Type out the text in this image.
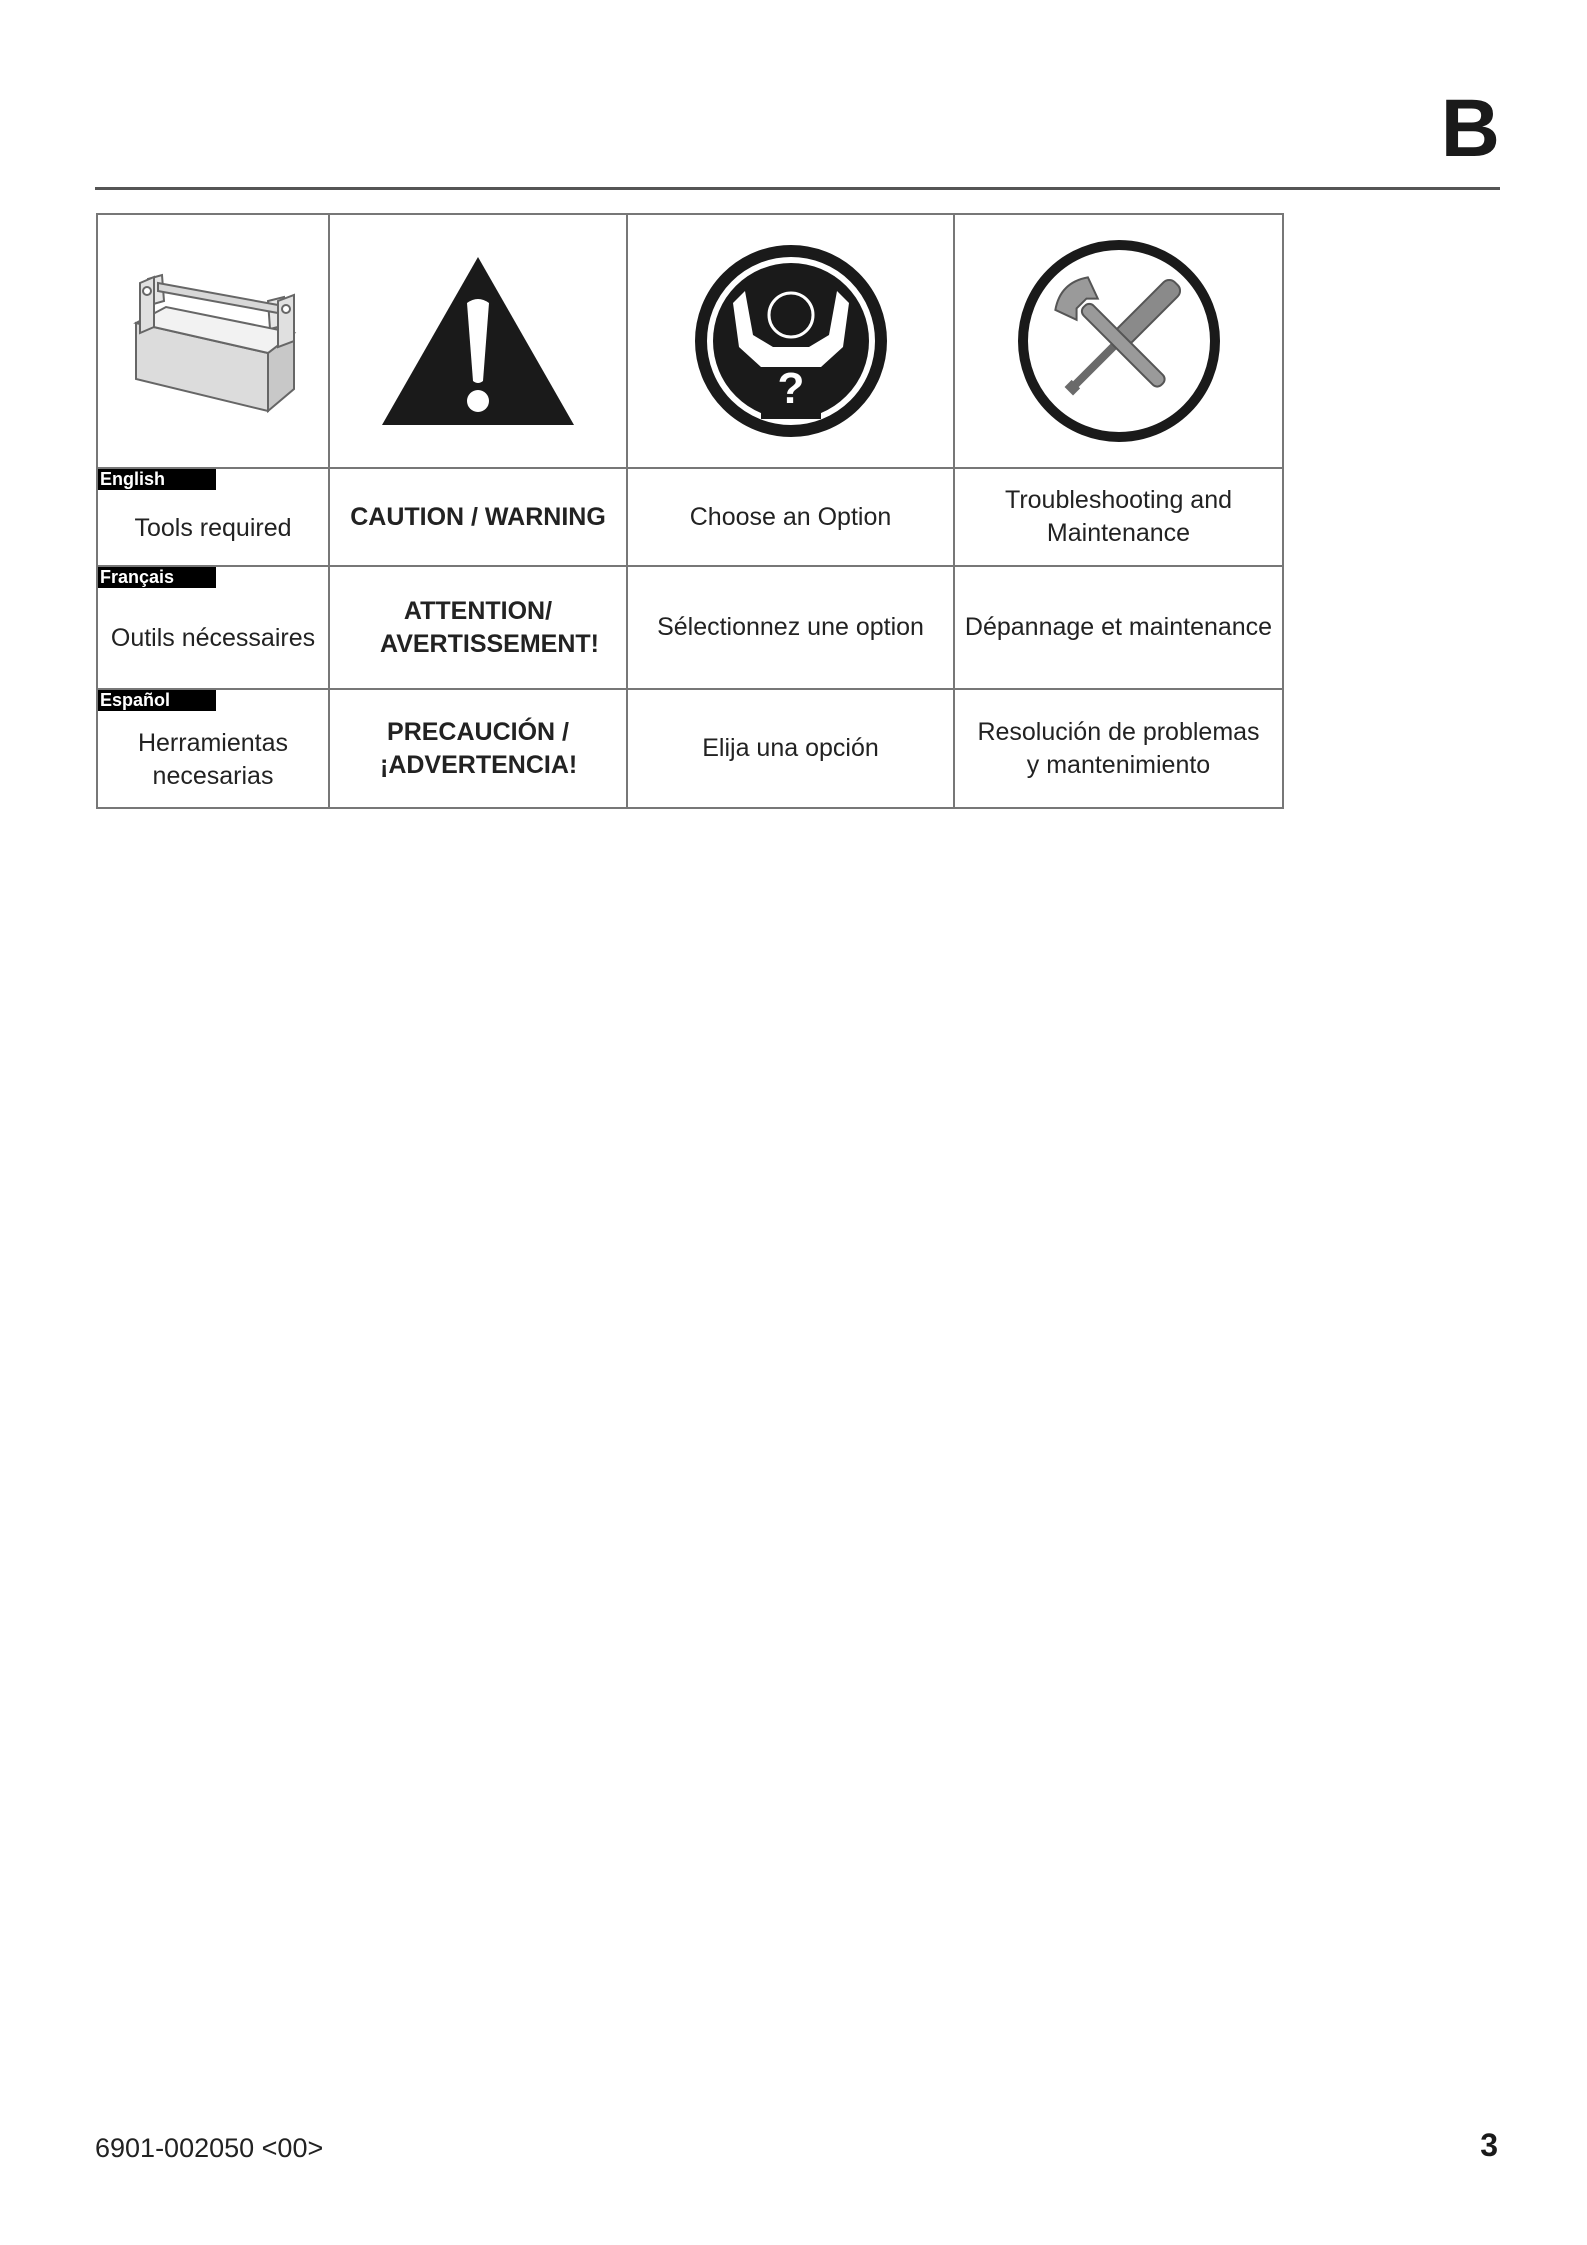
B

?

English
Tools required	CAUTION / WARNING	Choose an Option	Troubleshooting and Maintenance

Français
Outils nécessaires	ATTENTION/ AVERTISSEMENT!	Sélectionnez une option	Dépannage et maintenance

Español
Herramientas necesarias	PRECAUCIÓN / ¡ADVERTENCIA!	Elija una opción	Resolución de problemas y mantenimiento
6901-002050 <00>	3
